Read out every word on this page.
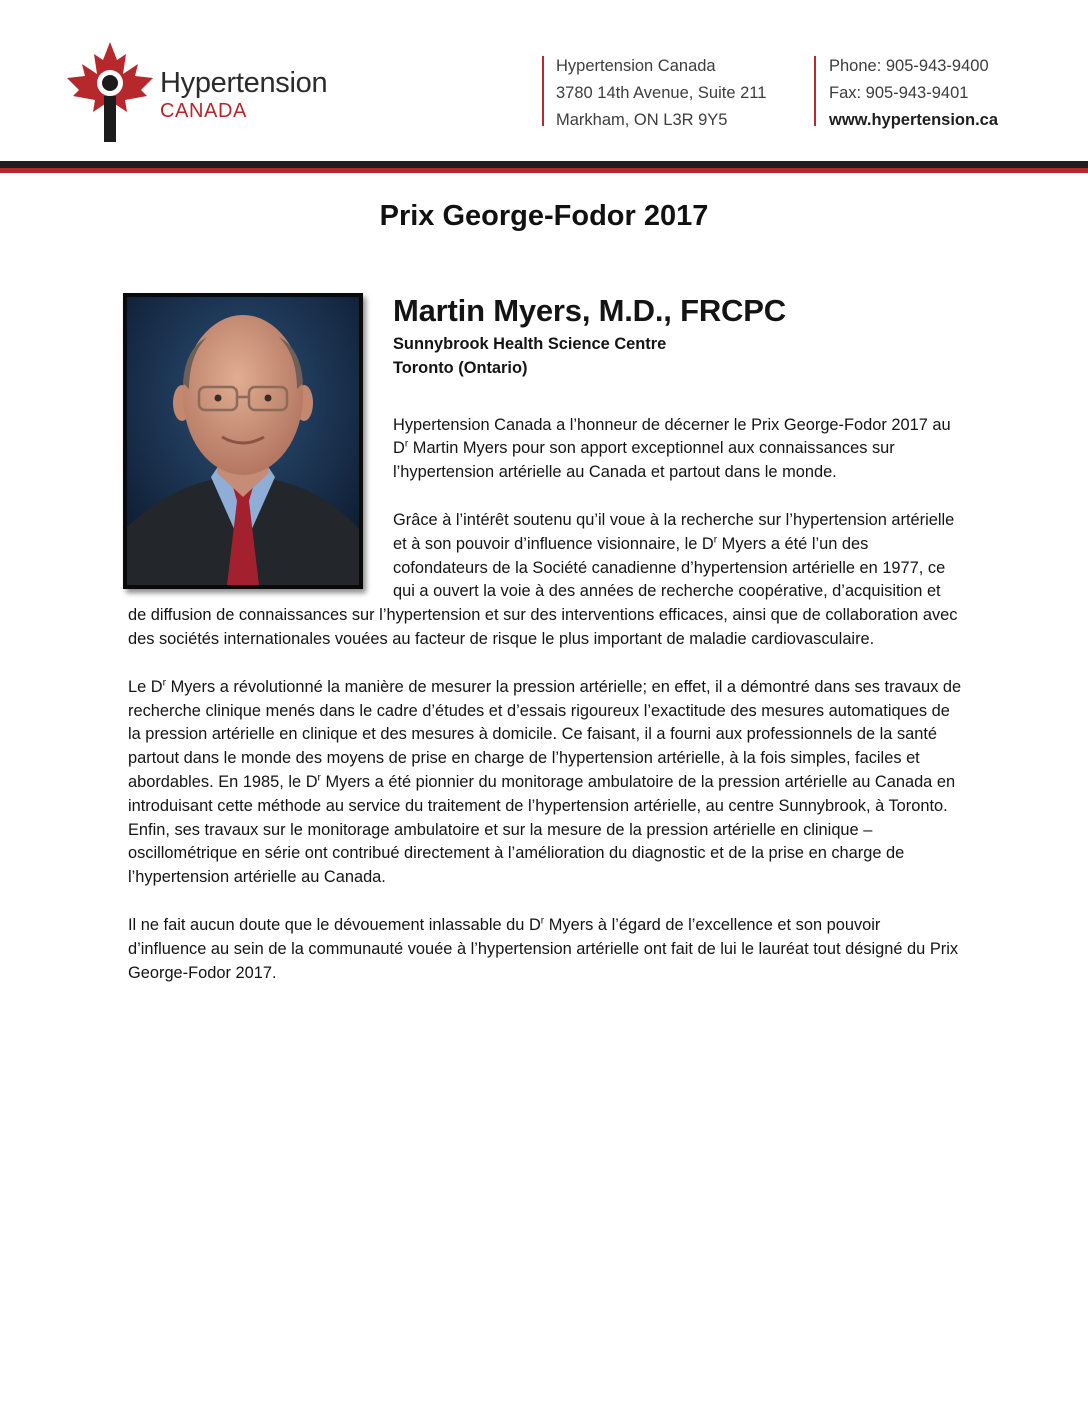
Hypertension
CANADA
Hypertension Canada
3780 14th Avenue, Suite 211
Markham, ON L3R 9Y5
Phone: 905-943-9400
Fax: 905-943-9401
www.hypertension.ca
Prix George-Fodor 2017
Martin Myers, M.D., FRCPC

Sunnybrook Health Science Centre

Toronto (Ontario)

Hypertension Canada a l’honneur de décerner le Prix George-Fodor 2017 au $D^r$ Martin Myers pour son apport exceptionnel aux connaissances sur l’hypertension artérielle au Canada et partout dans le monde.

Grâce à l’intérêt soutenu qu’il voue à la recherche sur l’hypertension artérielle et à son pouvoir d’influence visionnaire, le $D^r$ Myers a été l’un des cofondateurs de la Société canadienne d’hypertension artérielle en 1977, ce qui a ouvert la voie à des années de recherche coopérative, d’acquisition et de diffusion de connaissances sur l’hypertension et sur des interventions efficaces, ainsi que de collaboration avec des sociétés internationales vouées au facteur de risque le plus important de maladie cardiovasculaire.

Le $D^r$ Myers a révolutionné la manière de mesurer la pression artérielle; en effet, il a démontré dans ses travaux de recherche clinique menés dans le cadre d’études et d’essais rigoureux l’exactitude des mesures automatiques de la pression artérielle en clinique et des mesures à domicile. Ce faisant, il a fourni aux professionnels de la santé partout dans le monde des moyens de prise en charge de l’hypertension artérielle, à la fois simples, faciles et abordables. En 1985, le $D^r$ Myers a été pionnier du monitorage ambulatoire de la pression artérielle au Canada en introduisant cette méthode au service du traitement de l’hypertension artérielle, au centre Sunnybrook, à Toronto. Enfin, ses travaux sur le monitorage ambulatoire et sur la mesure de la pression artérielle en clinique – oscillométrique en série ont contribué directement à l’amélioration du diagnostic et de la prise en charge de l’hypertension artérielle au Canada.

Il ne fait aucun doute que le dévouement inlassable du $D^r$ Myers à l’égard de l’excellence et son pouvoir d’influence au sein de la communauté vouée à l’hypertension artérielle ont fait de lui le lauréat tout désigné du Prix George-Fodor 2017.
